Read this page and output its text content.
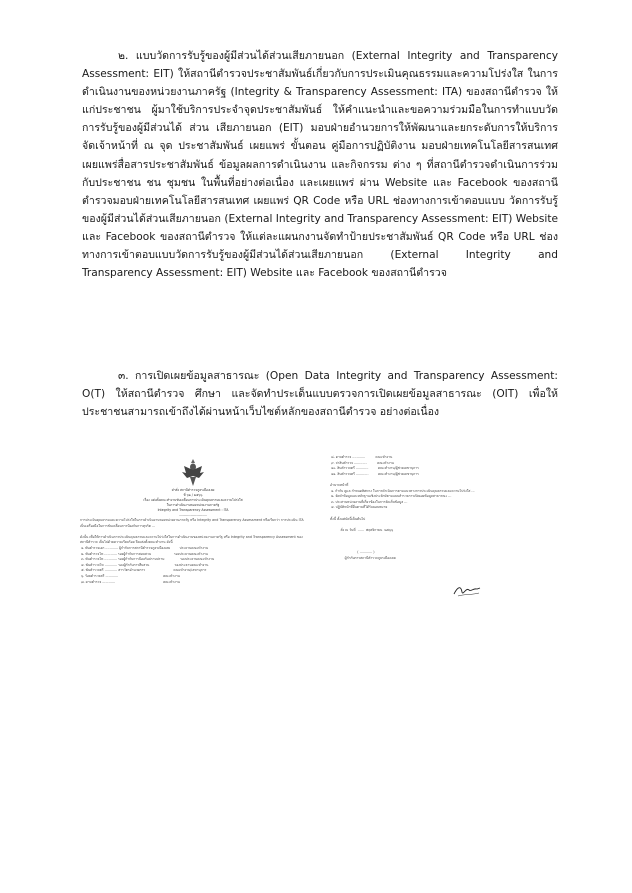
๒. แบบวัดการรับรู้ของผู้มีส่วนได้ส่วนเสียภายนอก (External Integrity and Transparency Assessment: EIT) ให้สถานีตำรวจประชาสัมพันธ์เกี่ยวกับการประเมินคุณธรรมและความโปร่งใส ในการดำเนินงานของหน่วยงานภาครัฐ (Integrity & Transparency Assessment: ITA) ของสถานีตำรวจ ให้แก่ประชาชน ผู้มาใช้บริการประจำจุดประชาสัมพันธ์ ให้คำแนะนำและขอความร่วมมือในการทำแบบวัดการรับรู้ของผู้มีส่วนได้ ส่วน เสียภายนอก (EIT) มอบฝ่ายอำนวยการให้พัฒนาและยกระดับการให้บริการ จัดเจ้าหน้าที่ ณ จุด ประชาสัมพันธ์ เผยแพร่ ขั้นตอน คู่มือการปฏิบัติงาน มอบฝ่ายเทคโนโลยีสารสนเทศ เผยแพร่สื่อสารประชาสัมพันธ์ ข้อมูลผลการดำเนินงาน และกิจกรรม ต่าง ๆ ที่สถานีตำรวจดำเนินการร่วมกับประชาชน ชน ชุมชน ในพื้นที่อย่างต่อเนื่อง และเผยแพร่ ผ่าน Website และ Facebook ของสถานีตำรวจมอบฝ่ายเทคโนโลยีสารสนเทศ เผยแพร่ QR Code หรือ URL ช่องทางการเข้าตอบแบบ วัดการรับรู้ของผู้มีส่วนได้ส่วนเสียภายนอก (External Integrity and Transparency Assessment: EIT) Website และ Facebook ของสถานีตำรวจ ให้แต่ละแผนกงานจัดทำป้ายประชาสัมพันธ์ QR Code หรือ URL ช่องทางการเข้าตอบแบบวัดการรับรู้ของผู้มีส่วนได้ส่วนเสียภายนอก (External Integrity and Transparency Assessment: EIT) Website และ Facebook ของสถานีตำรวจ

๓. การเปิดเผยข้อมูลสาธารณะ (Open Data Integrity and Transparency Assessment: O(T) ให้สถานีตำรวจ ศึกษา และจัดทำประเด็นแบบตรวจการเปิดเผยข้อมูลสาธารณะ (OIT) เพื่อให้ประชาชนสามารถเข้าถึงได้ผ่านหน้าเว็บไซต์หลักของสถานีตำรวจ อย่างต่อเนื่อง

คำสั่ง สถานีตำรวจภูธรเมืองเลย
ที่ ๖๒ / ๒๕๖๖
เรื่อง แต่งตั้งคณะทำงานขับเคลื่อนการประเมินคุณธรรมและความโปร่งใส
ในการดำเนินงานของหน่วยงานภาครัฐ
Integrity and Transparency Assessment : ITA
------------------------

การประเมินคุณธรรมและความโปร่งใสในการดำเนินงานของหน่วยงานภาครัฐ หรือ Integrity and Transparency Assessment หรือเรียกว่า การประเมิน ITA เป็นเครื่องมือในการขับเคลื่อนการป้องกันการทุจริต ...

ดังนั้น เพื่อให้การดำเนินการประเมินคุณธรรมและความโปร่งใสในการดำเนินงานของหน่วยงานภาครัฐ หรือ Integrity and Transparency Assessment ของสถานีตำรวจ เป็นไปด้วยความเรียบร้อย จึงแต่งตั้งคณะทำงาน ดังนี้
๑. พันตำรวจเอก ............ ผู้กำกับการสถานีตำรวจภูธรเมืองเลย         ประธานคณะทำงาน
๒. พันตำรวจโท ............ รองผู้กำกับการสอบสวน                      รองประธานคณะทำงาน
๓. พันตำรวจโท ............ รองผู้กำกับการป้องกันปราบปราม               รองประธานคณะทำงาน
๔. พันตำรวจโท ............ รองผู้กำกับการสืบสวน                        รองประธานคณะทำงาน
๕. พันตำรวจตรี ............ สารวัตรอำนวยการ                           คณะทำงาน/เลขานุการ
๖. ร้อยตำรวจตรี ............                                           คณะทำงาน
๗. ดาบตำรวจ ............                                              คณะทำงาน

๘. ดาบตำรวจ ............          คณะทำงาน
๙. จ่าสิบตำรวจ ............          คณะทำงาน
๑๐. สิบตำรวจตรี ............         คณะทำงาน/ผู้ช่วยเลขานุการ
๑๑. สิบตำรวจตรี ............         คณะทำงาน/ผู้ช่วยเลขานุการ

อำนาจหน้าที่
๑. กำกับ ดูแล กำหนดทิศทาง ในการดำเนินการตามแนวทางการประเมินคุณธรรมและความโปร่งใส ...
๒. จัดทำข้อมูลและหลักฐานเชิงประจักษ์ตามแบบสำรวจการเปิดเผยข้อมูลสาธารณะ ...
๓. ประสานหน่วยงานที่เกี่ยวข้องในการจัดเก็บข้อมูล ...
๔. ปฏิบัติหน้าที่อื่นตามที่ได้รับมอบหมาย

ทั้งนี้ ตั้งแต่บัดนี้เป็นต้นไป

สั่ง ณ วันที่  ......  พฤศจิกายน  ๒๕๖๖

( ............ )
ผู้กำกับการสถานีตำรวจภูธรเมืองเลย
